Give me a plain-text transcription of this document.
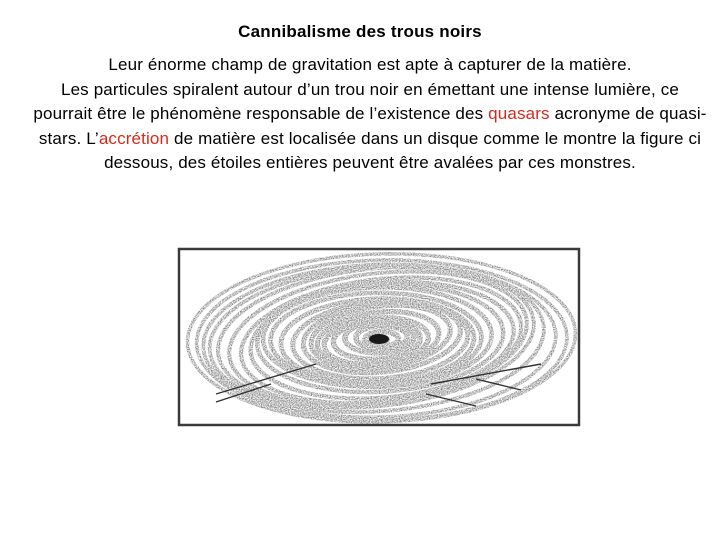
Cannibalisme des trous noirs
Leur énorme champ de gravitation est apte à capturer de la matière.
Les particules spiralent autour d’un trou noir en émettant une intense lumière, ce pourrait être le phénomène responsable de l’existence des quasars acronyme de quasi-stars. L’accrétion de matière est localisée dans un disque comme le montre la figure ci dessous, des étoiles entières peuvent être avalées par ces monstres.
